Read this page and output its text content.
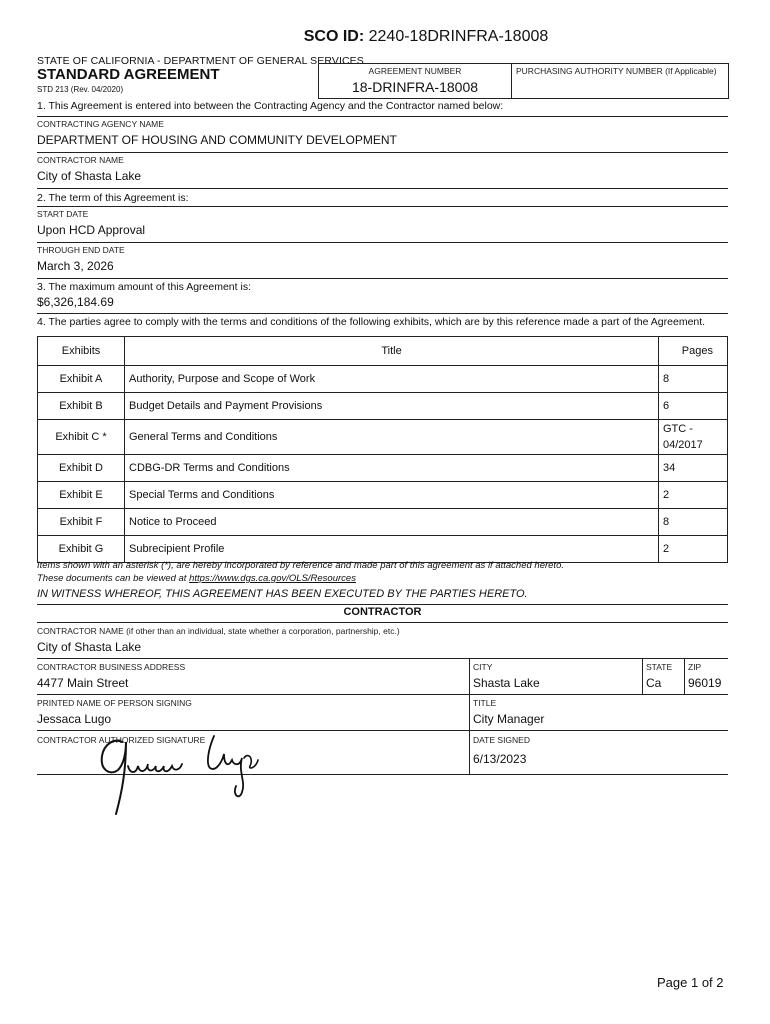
SCO ID: 2240-18DRINFRA-18008
STATE OF CALIFORNIA - DEPARTMENT OF GENERAL SERVICES
STANDARD AGREEMENT
STD 213 (Rev. 04/2020)
AGREEMENT NUMBER
18-DRINFRA-18008
PURCHASING AUTHORITY NUMBER (If Applicable)
1. This Agreement is entered into between the Contracting Agency and the Contractor named below:
CONTRACTING AGENCY NAME
DEPARTMENT OF HOUSING AND COMMUNITY DEVELOPMENT
CONTRACTOR NAME
City of Shasta Lake
2. The term of this Agreement is:
START DATE
Upon HCD Approval
THROUGH END DATE
March 3, 2026
3. The maximum amount of this Agreement is:
$6,326,184.69
4. The parties agree to comply with the terms and conditions of the following exhibits, which are by this reference made a part of the Agreement.
Exhibits	Title	Pages
Exhibit A	Authority, Purpose and Scope of Work	8
Exhibit B	Budget Details and Payment Provisions	6
Exhibit C *	General Terms and Conditions	GTC - 04/2017
Exhibit D	CDBG-DR Terms and Conditions	34
Exhibit E	Special Terms and Conditions	2
Exhibit F	Notice to Proceed	8
Exhibit G	Subrecipient Profile	2
Items shown with an asterisk (*), are hereby incorporated by reference and made part of this agreement as if attached hereto.
These documents can be viewed at https://www.dgs.ca.gov/OLS/Resources
IN WITNESS WHEREOF, THIS AGREEMENT HAS BEEN EXECUTED BY THE PARTIES HERETO.
CONTRACTOR
CONTRACTOR NAME (if other than an individual, state whether a corporation, partnership, etc.)
City of Shasta Lake
CONTRACTOR BUSINESS ADDRESS
4477 Main Street
CITY
Shasta Lake
STATE
Ca
ZIP
96019
PRINTED NAME OF PERSON SIGNING
Jessaca Lugo
TITLE
City Manager
CONTRACTOR AUTHORIZED SIGNATURE	DATE SIGNED
6/13/2023
Page 1 of 2
